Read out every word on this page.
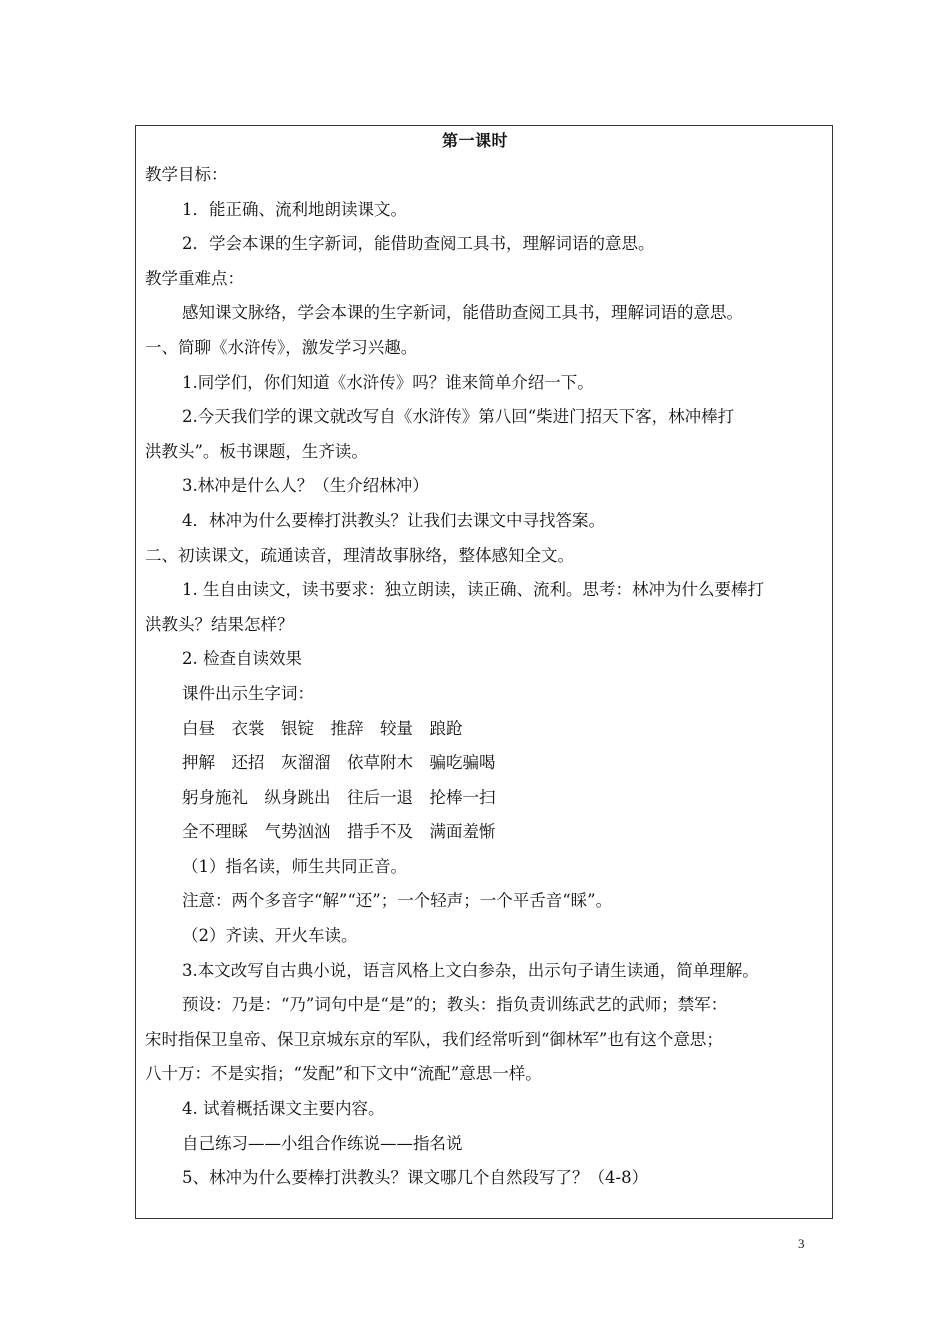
第一课时
教学目标：
1．能正确、流利地朗读课文。
2．学会本课的生字新词，能借助查阅工具书，理解词语的意思。
教学重难点：
感知课文脉络，学会本课的生字新词，能借助查阅工具书，理解词语的意思。
一、简聊《水浒传》，激发学习兴趣。
1.同学们，你们知道《水浒传》吗？谁来简单介绍一下。
2.今天我们学的课文就改写自《水浒传》第八回“柴进门招天下客，林冲棒打
洪教头”。板书课题，生齐读。
3.林冲是什么人？（生介绍林冲）
4．林冲为什么要棒打洪教头？让我们去课文中寻找答案。
二、初读课文，疏通读音，理清故事脉络，整体感知全文。
1. 生自由读文，读书要求：独立朗读，读正确、流利。思考：林冲为什么要棒打
洪教头？结果怎样？
2. 检查自读效果
课件出示生字词：
白昼　衣裳　银锭　推辞　较量　踉跄
押解　还招　灰溜溜　依草附木　骗吃骗喝
躬身施礼　纵身跳出　往后一退　抡棒一扫
全不理睬　气势汹汹　措手不及　满面羞惭
（1）指名读，师生共同正音。
注意：两个多音字“解”“还”；一个轻声；一个平舌音“睬”。
（2）齐读、开火车读。
3.本文改写自古典小说，语言风格上文白参杂，出示句子请生读通，简单理解。
预设：乃是：“乃”词句中是“是”的；教头：指负责训练武艺的武师；禁军：
宋时指保卫皇帝、保卫京城东京的军队，我们经常听到“御林军”也有这个意思；
八十万：不是实指；“发配”和下文中“流配”意思一样。
4. 试着概括课文主要内容。
自己练习——小组合作练说——指名说
5、林冲为什么要棒打洪教头？课文哪几个自然段写了？（4-8）
3
